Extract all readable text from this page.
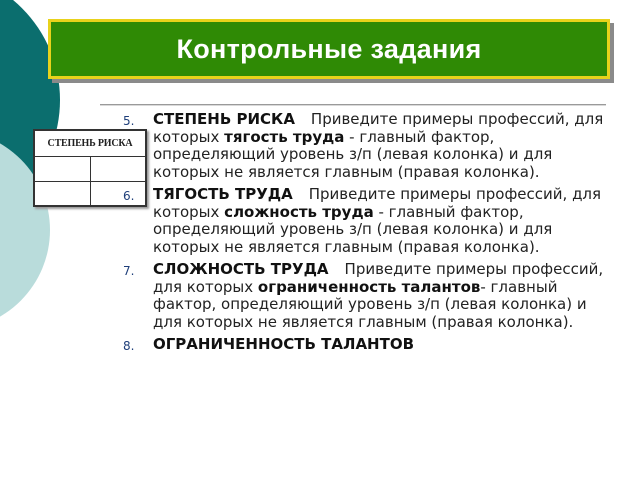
Контрольные задания
СТЕПЕНЬ РИСКА
5. СТЕПЕНЬ РИСКА Приведите примеры профессий, для которых тягость труда - главный фактор, определяющий уровень з/п (левая колонка) и для которых не является главным (правая колонка).
6. ТЯГОСТЬ ТРУДА Приведите примеры профессий, для которых сложность труда - главный фактор, определяющий уровень з/п (левая колонка) и для которых не является главным (правая колонка).
7. СЛОЖНОСТЬ ТРУДА Приведите примеры профессий, для которых ограниченность талантов- главный фактор, определяющий уровень з/п (левая колонка) и для которых не является главным (правая колонка).
8. ОГРАНИЧЕННОСТЬ ТАЛАНТОВ
